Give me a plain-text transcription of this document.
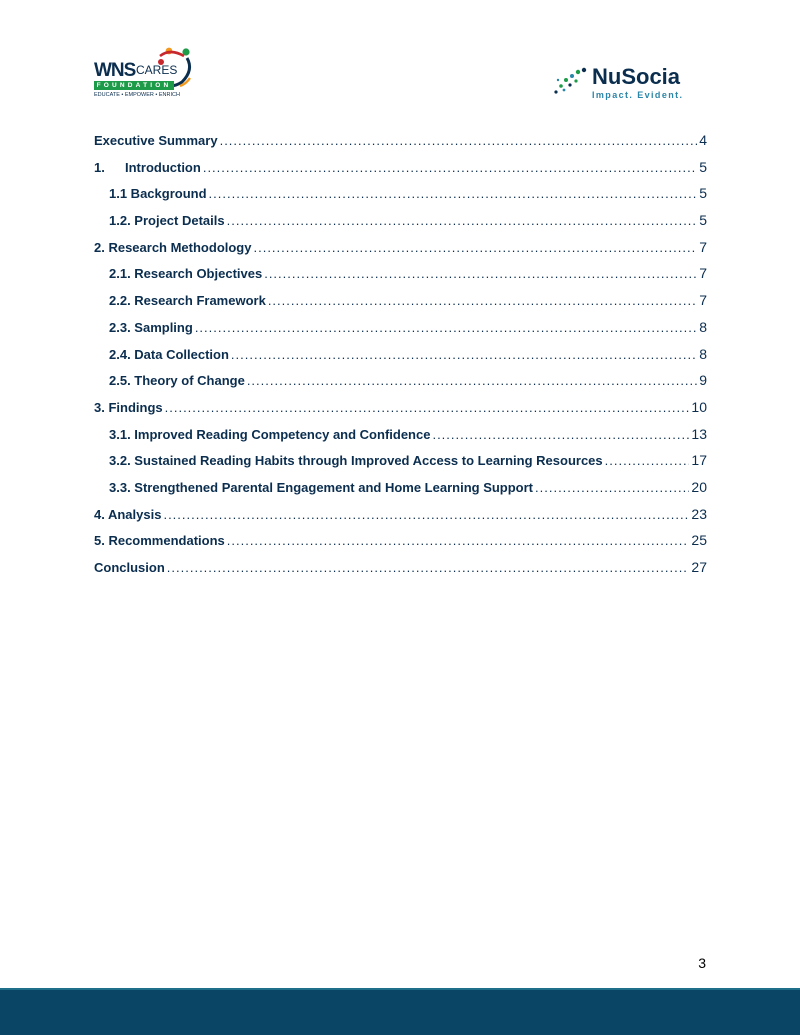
WNS CARES
FOUNDATION
EDUCATE • EMPOWER • ENRICH
NuSocia
Impact. Evident.
Executive Summary .....	4
1. Introduction .....	5
1.1 Background .....	5
1.2. Project Details .....	5
2. Research Methodology .....	7
2.1. Research Objectives .....	7
2.2. Research Framework .....	7
2.3. Sampling .....	8
2.4. Data Collection .....	8
2.5. Theory of Change .....	9
3. Findings .....	10
3.1. Improved Reading Competency and Confidence .....	13
3.2. Sustained Reading Habits through Improved Access to Learning Resources .....	17
3.3. Strengthened Parental Engagement and Home Learning Support .....	20
4. Analysis .....	23
5. Recommendations .....	25
Conclusion .....	27
3
